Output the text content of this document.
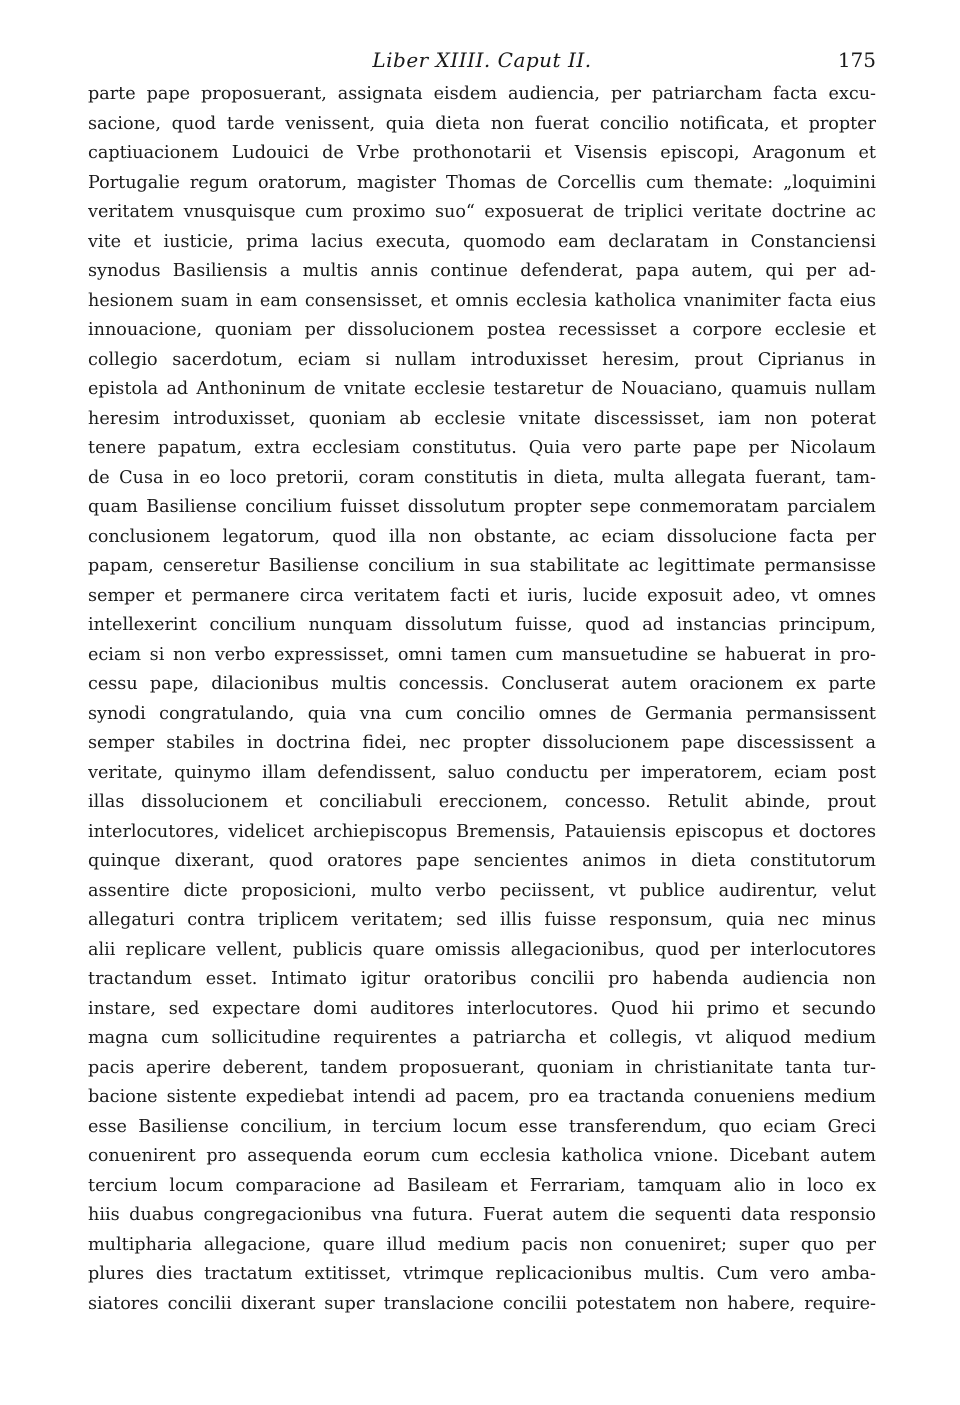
Liber XIIII. Caput II.	175
parte pape proposuerant, assignata eisdem audiencia, per patriarcham facta excu-
sacione, quod tarde venissent, quia dieta non fuerat concilio notificata, et propter
captiuacionem Ludouici de Vrbe prothonotarii et Visensis episcopi, Aragonum et
Portugalie regum oratorum, magister Thomas de Corcellis cum themate: „loquimini
veritatem vnusquisque cum proximo suo“ exposuerat de triplici veritate doctrine ac
vite et iusticie, prima lacius executa, quomodo eam declaratam in Constanciensi
synodus Basiliensis a multis annis continue defenderat, papa autem, qui per ad-
hesionem suam in eam consensisset, et omnis ecclesia katholica vnanimiter facta eius
innouacione, quoniam per dissolucionem postea recessisset a corpore ecclesie et
collegio sacerdotum, eciam si nullam introduxisset heresim, prout Ciprianus in
epistola ad Anthoninum de vnitate ecclesie testaretur de Nouaciano, quamuis nullam
heresim introduxisset, quoniam ab ecclesie vnitate discessisset, iam non poterat
tenere papatum, extra ecclesiam constitutus. Quia vero parte pape per Nicolaum
de Cusa in eo loco pretorii, coram constitutis in dieta, multa allegata fuerant, tam-
quam Basiliense concilium fuisset dissolutum propter sepe conmemoratam parcialem
conclusionem legatorum, quod illa non obstante, ac eciam dissolucione facta per
papam, censeretur Basiliense concilium in sua stabilitate ac legittimate permansisse
semper et permanere circa veritatem facti et iuris, lucide exposuit adeo, vt omnes
intellexerint concilium nunquam dissolutum fuisse, quod ad instancias principum,
eciam si non verbo expressisset, omni tamen cum mansuetudine se habuerat in pro-
cessu pape, dilacionibus multis concessis. Concluserat autem oracionem ex parte
synodi congratulando, quia vna cum concilio omnes de Germania permansissent
semper stabiles in doctrina fidei, nec propter dissolucionem pape discessissent a
veritate, quinymo illam defendissent, saluo conductu per imperatorem, eciam post
illas dissolucionem et conciliabuli ereccionem, concesso. Retulit abinde, prout
interlocutores, videlicet archiepiscopus Bremensis, Patauiensis episcopus et doctores
quinque dixerant, quod oratores pape sencientes animos in dieta constitutorum
assentire dicte proposicioni, multo verbo peciissent, vt publice audirentur, velut
allegaturi contra triplicem veritatem; sed illis fuisse responsum, quia nec minus
alii replicare vellent, publicis quare omissis allegacionibus, quod per interlocutores
tractandum esset. Intimato igitur oratoribus concilii pro habenda audiencia non
instare, sed expectare domi auditores interlocutores. Quod hii primo et secundo
magna cum sollicitudine requirentes a patriarcha et collegis, vt aliquod medium
pacis aperire deberent, tandem proposuerant, quoniam in christianitate tanta tur-
bacione sistente expediebat intendi ad pacem, pro ea tractanda conueniens medium
esse Basiliense concilium, in tercium locum esse transferendum, quo eciam Greci
conuenirent pro assequenda eorum cum ecclesia katholica vnione. Dicebant autem
tercium locum comparacione ad Basileam et Ferrariam, tamquam alio in loco ex
hiis duabus congregacionibus vna futura. Fuerat autem die sequenti data responsio
multipharia allegacione, quare illud medium pacis non conueniret; super quo per
plures dies tractatum extitisset, vtrimque replicacionibus multis. Cum vero amba-
siatores concilii dixerant super translacione concilii potestatem non habere, require-
